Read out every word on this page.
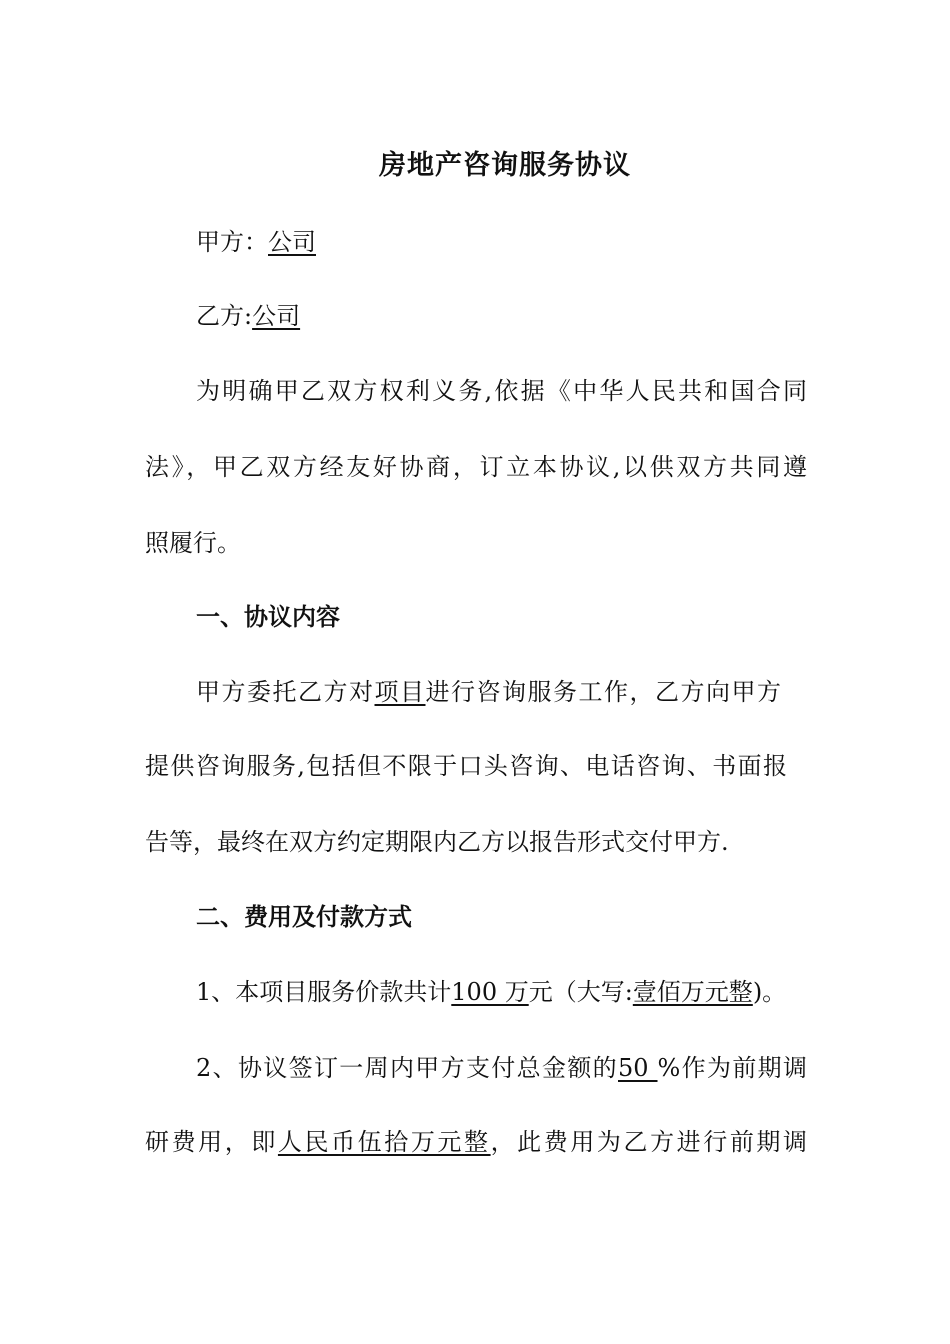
房地产咨询服务协议
甲方：公司
乙方:公司
为明确甲乙双方权利义务,依据《中华人民共和国合同
法》，甲乙双方经友好协商，订立本协议,以供双方共同遵
照履行。
一、协议内容
甲方委托乙方对项目进行咨询服务工作，乙方向甲方
提供咨询服务,包括但不限于口头咨询、电话咨询、书面报
告等，最终在双方约定期限内乙方以报告形式交付甲方.
二、费用及付款方式
1、本项目服务价款共计100 万元（大写:壹佰万元整)。
2、协议签订一周内甲方支付总金额的50 %作为前期调
研费用，即人民币伍拾万元整，此费用为乙方进行前期调
